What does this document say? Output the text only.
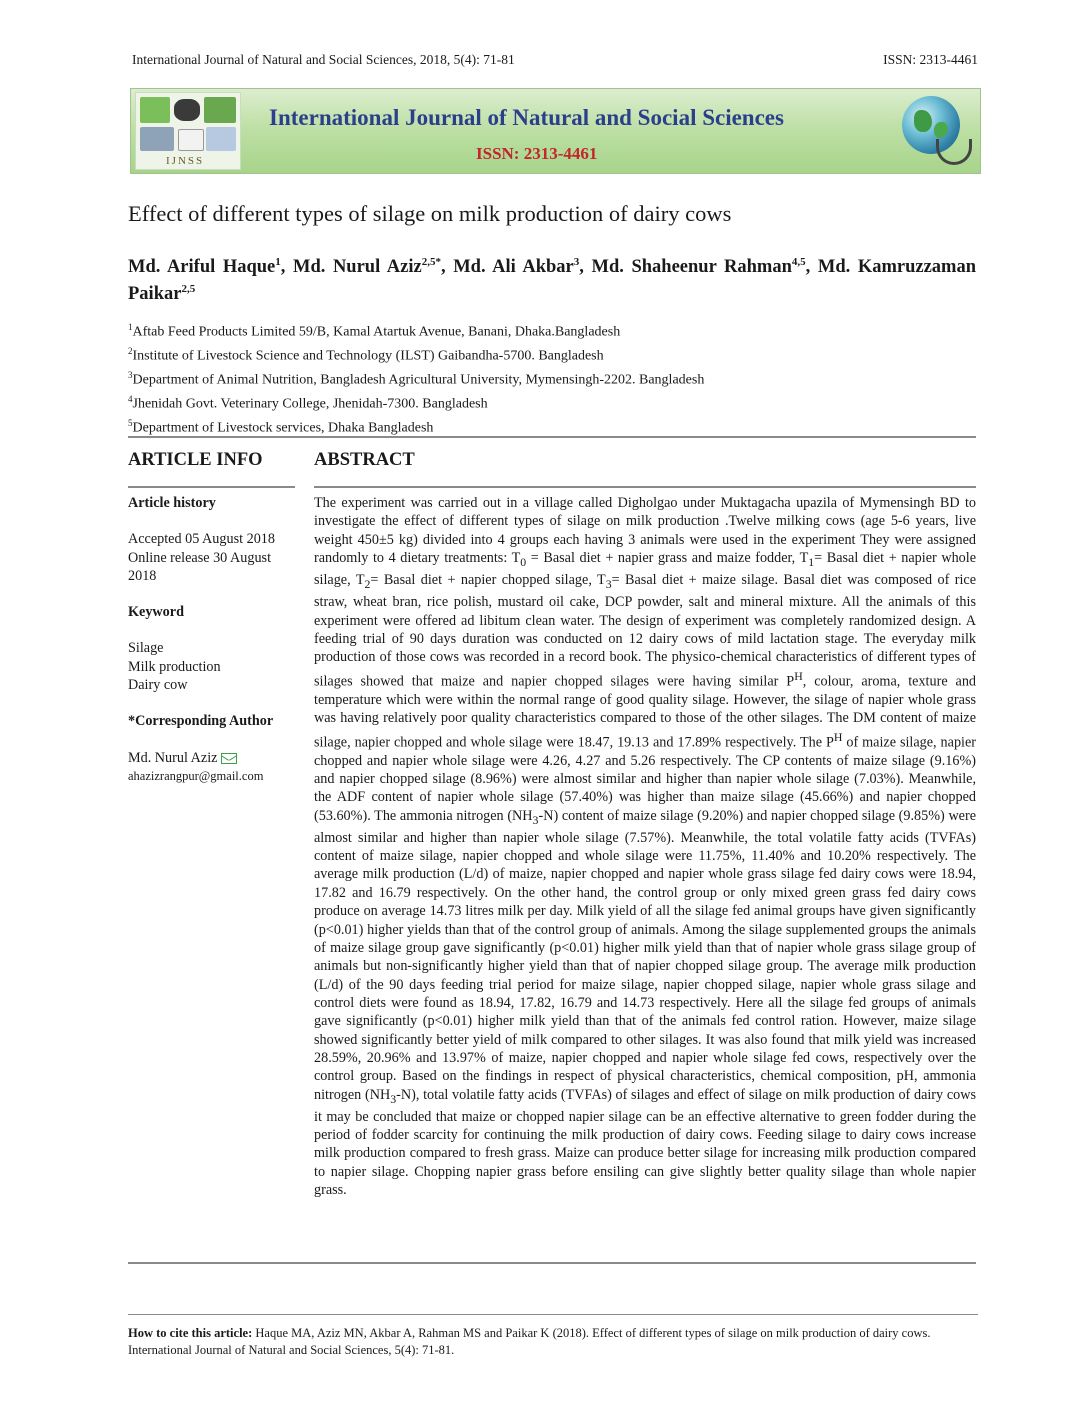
International Journal of Natural and Social Sciences, 2018, 5(4): 71-81	ISSN: 2313-4461
IJNSS
International Journal of Natural and Social Sciences
ISSN: 2313-4461
Effect of different types of silage on milk production of dairy cows
Md. Ariful Haque$^1$, Md. Nurul Aziz$^{2,5*}$, Md. Ali Akbar$^3$, Md. Shaheenur Rahman$^{4,5}$, Md. Kamruzzaman Paikar$^{2,5}$
$^1$Aftab Feed Products Limited 59/B, Kamal Atartuk Avenue, Banani, Dhaka.Bangladesh
$^2$Institute of Livestock Science and Technology (ILST) Gaibandha-5700. Bangladesh
$^3$Department of Animal Nutrition, Bangladesh Agricultural University, Mymensingh-2202. Bangladesh
$^4$Jhenidah Govt. Veterinary College, Jhenidah-7300. Bangladesh
$^5$Department of Livestock services, Dhaka Bangladesh
ARTICLE INFO	ABSTRACT
Article history
Accepted 05 August 2018
Online release 30 August 2018
Keyword
Silage
Milk production
Dairy cow
*Corresponding Author
Md. Nurul Aziz
ahazizrangpur@gmail.com

The experiment was carried out in a village called Digholgao under Muktagacha upazila of Mymensingh BD to investigate the effect of different types of silage on milk production .Twelve milking cows (age 5-6 years, live weight 450±5 kg) divided into 4 groups each having 3 animals were used in the experiment They were assigned randomly to 4 dietary treatments: $T_0$ = Basal diet + napier grass and maize fodder, $T_1=$ Basal diet + napier whole silage, $T_2=$ Basal diet + napier chopped silage, $T_3=$ Basal diet + maize silage. Basal diet was composed of rice straw, wheat bran, rice polish, mustard oil cake, DCP powder, salt and mineral mixture. All the animals of this experiment were offered ad libitum clean water. The design of experiment was completely randomized design. A feeding trial of 90 days duration was conducted on 12 dairy cows of mild lactation stage. The everyday milk production of those cows was recorded in a record book. The physico-chemical characteristics of different types of silages showed that maize and napier chopped silages were having similar $P^H$, colour, aroma, texture and temperature which were within the normal range of good quality silage. However, the silage of napier whole grass was having relatively poor quality characteristics compared to those of the other silages. The DM content of maize silage, napier chopped and whole silage were 18.47, 19.13 and 17.89% respectively. The $P^H$ of maize silage, napier chopped and napier whole silage were 4.26, 4.27 and 5.26 respectively. The CP contents of maize silage (9.16%) and napier chopped silage (8.96%) were almost similar and higher than napier whole silage (7.03%). Meanwhile, the ADF content of napier whole silage (57.40%) was higher than maize silage (45.66%) and napier chopped (53.60%). The ammonia nitrogen $(NH_3-N)$ content of maize silage (9.20%) and napier chopped silage (9.85%) were almost similar and higher than napier whole silage (7.57%). Meanwhile, the total volatile fatty acids (TVFAs) content of maize silage, napier chopped and whole silage were 11.75%, 11.40% and 10.20% respectively. The average milk production (L/d) of maize, napier chopped and napier whole grass silage fed dairy cows were 18.94, 17.82 and 16.79 respectively. On the other hand, the control group or only mixed green grass fed dairy cows produce on average 14.73 litres milk per day. Milk yield of all the silage fed animal groups have given significantly (p<0.01) higher yields than that of the control group of animals. Among the silage supplemented groups the animals of maize silage group gave significantly (p<0.01) higher milk yield than that of napier whole grass silage group of animals but non-significantly higher yield than that of napier chopped silage group. The average milk production (L/d) of the 90 days feeding trial period for maize silage, napier chopped silage, napier whole grass silage and control diets were found as 18.94, 17.82, 16.79 and 14.73 respectively. Here all the silage fed groups of animals gave significantly (p<0.01) higher milk yield than that of the animals fed control ration. However, maize silage showed significantly better yield of milk compared to other silages. It was also found that milk yield was increased 28.59%, 20.96% and 13.97% of maize, napier chopped and napier whole silage fed cows, respectively over the control group. Based on the findings in respect of physical characteristics, chemical composition, pH, ammonia nitrogen $(NH_3-N)$, total volatile fatty acids (TVFAs) of silages and effect of silage on milk production of dairy cows it may be concluded that maize or chopped napier silage can be an effective alternative to green fodder during the period of fodder scarcity for continuing the milk production of dairy cows. Feeding silage to dairy cows increase milk production compared to fresh grass. Maize can produce better silage for increasing milk production compared to napier silage. Chopping napier grass before ensiling can give slightly better quality silage than whole napier grass.

How to cite this article: Haque MA, Aziz MN, Akbar A, Rahman MS and Paikar K (2018). Effect of different types of silage on milk production of dairy cows. International Journal of Natural and Social Sciences, 5(4): 71-81.
